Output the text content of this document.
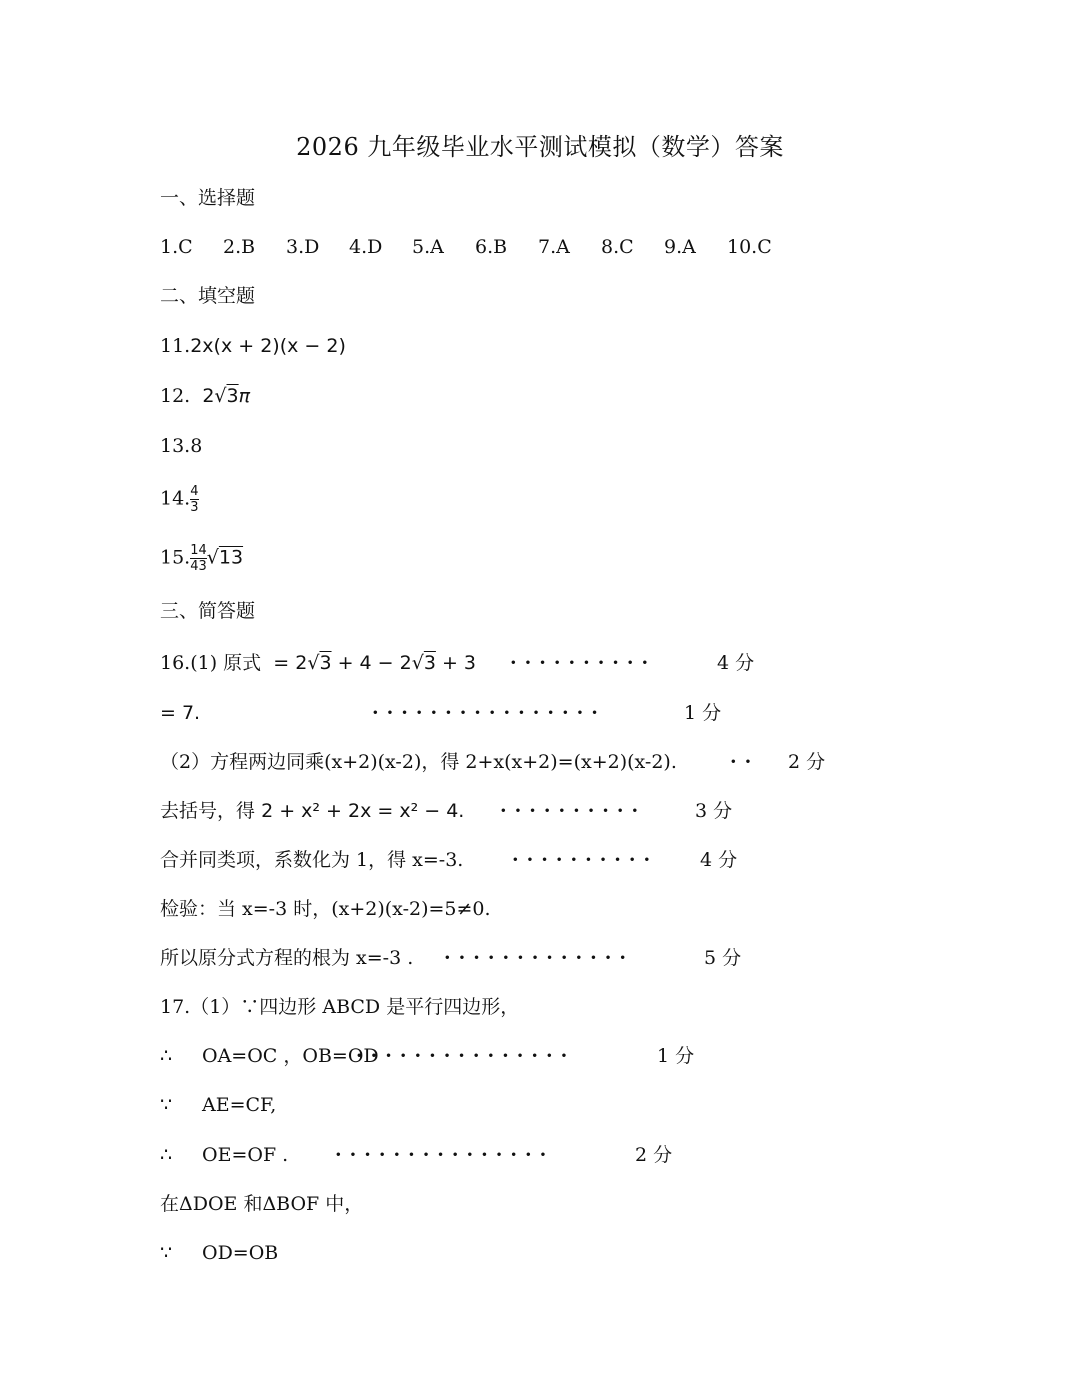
2026 九年级毕业水平测试模拟（数学）答案
一、选择题
1.C 2.B 3.D 4.D 5.A 6.B 7.A 8.C 9.A 10.C
二、填空题
11.2x(x + 2)(x − 2)
12. 2√3π
13.8
14. $\frac{4}{3}$
15. $\frac{14}{43} √13$
三、简答题
16.(1) 原式 = 2√3 + 4 − 2√3 + 3 ··········	4 分
= 7.	················	1 分
（2）方程两边同乘(x+2)(x-2)，得 2+x(x+2)=(x+2)(x-2).	·· 2 分
去括号，得 2 + x² + 2x = x² − 4. ··········	3 分
合并同类项，系数化为 1，得 x=-3.	·········· 4 分
检验：当 x=-3 时，(x+2)(x-2)=5≠0.
所以原分式方程的根为 x=-3 . ·············	5 分
17.（1）∵四边形 ABCD 是平行四边形，
∴ OA=OC ，OB=OD
···············	1 分
∵ AE=CF,
∴ OE=OF . ···············	2 分
在ΔDOE 和ΔBOF 中，
∵ OD=OB
